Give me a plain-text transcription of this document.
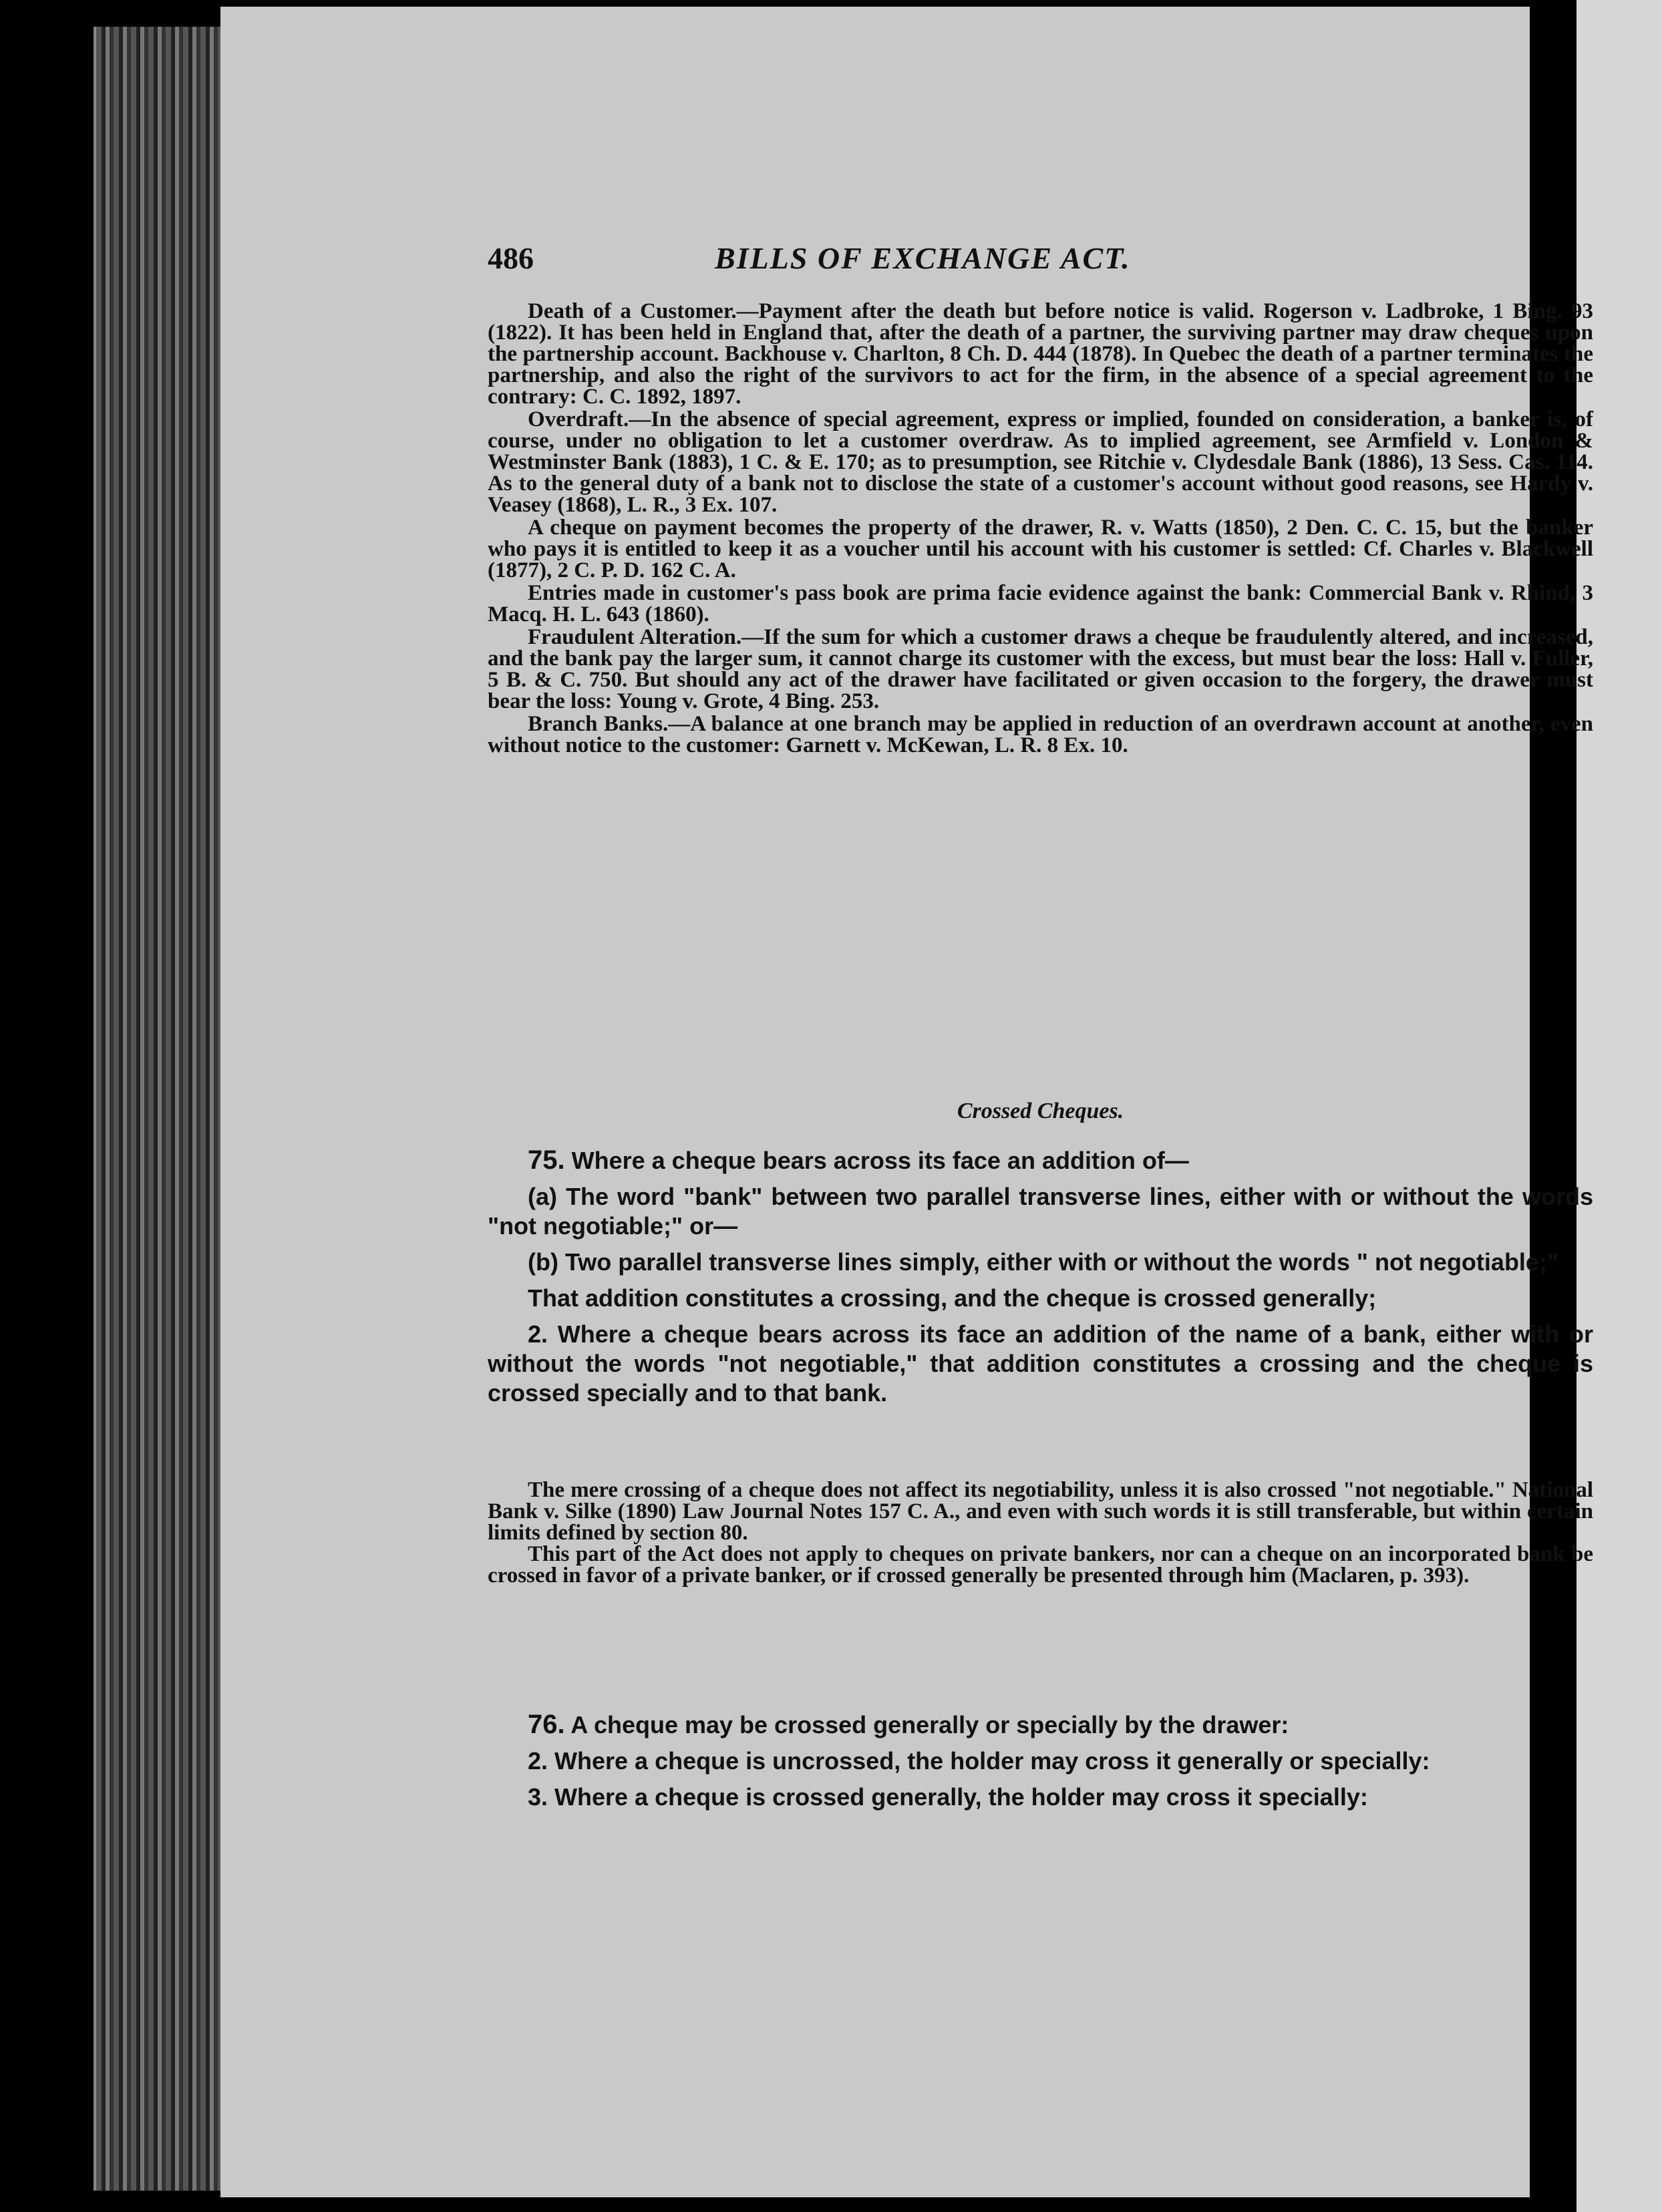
486	BILLS OF EXCHANGE ACT.

Death of a Customer.—Payment after the death but before notice is valid. Rogerson v. Ladbroke, 1 Bing. 93 (1822). It has been held in England that, after the death of a partner, the surviving partner may draw cheques upon the partnership account. Backhouse v. Charlton, 8 Ch. D. 444 (1878). In Quebec the death of a partner terminates the partnership, and also the right of the survivors to act for the firm, in the absence of a special agreement to the contrary: C. C. 1892, 1897.

Overdraft.—In the absence of special agreement, express or implied, founded on consideration, a banker is, of course, under no obligation to let a customer overdraw. As to implied agreement, see Armfield v. London & Westminster Bank (1883), 1 C. & E. 170; as to presumption, see Ritchie v. Clydesdale Bank (1886), 13 Sess. Cas. 114. As to the general duty of a bank not to disclose the state of a customer's account without good reasons, see Hardy v. Veasey (1868), L. R., 3 Ex. 107.

A cheque on payment becomes the property of the drawer, R. v. Watts (1850), 2 Den. C. C. 15, but the banker who pays it is entitled to keep it as a voucher until his account with his customer is settled: Cf. Charles v. Blackwell (1877), 2 C. P. D. 162 C. A.

Entries made in customer's pass book are prima facie evidence against the bank: Commercial Bank v. Rhind, 3 Macq. H. L. 643 (1860).

Fraudulent Alteration.—If the sum for which a customer draws a cheque be fraudulently altered, and increased, and the bank pay the larger sum, it cannot charge its customer with the excess, but must bear the loss: Hall v. Fuller, 5 B. & C. 750. But should any act of the drawer have facilitated or given occasion to the forgery, the drawer must bear the loss: Young v. Grote, 4 Bing. 253.

Branch Banks.—A balance at one branch may be applied in reduction of an overdrawn account at another, even without notice to the customer: Garnett v. McKewan, L. R. 8 Ex. 10.

Crossed Cheques.

75. Where a cheque bears across its face an addition of—

(a) The word "bank" between two parallel transverse lines, either with or without the words "not negotiable;" or—

(b) Two parallel transverse lines simply, either with or without the words " not negotiable;"

That addition constitutes a crossing, and the cheque is crossed generally;

2. Where a cheque bears across its face an addition of the name of a bank, either with or without the words "not negotiable," that addition constitutes a crossing and the cheque is crossed specially and to that bank.

The mere crossing of a cheque does not affect its negotiability, unless it is also crossed "not negotiable." National Bank v. Silke (1890) Law Journal Notes 157 C. A., and even with such words it is still transferable, but within certain limits defined by section 80.

This part of the Act does not apply to cheques on private bankers, nor can a cheque on an incorporated bank be crossed in favor of a private banker, or if crossed generally be presented through him (Maclaren, p. 393).

76. A cheque may be crossed generally or specially by the drawer:

2. Where a cheque is uncrossed, the holder may cross it generally or specially:

3. Where a cheque is crossed generally, the holder may cross it specially:
